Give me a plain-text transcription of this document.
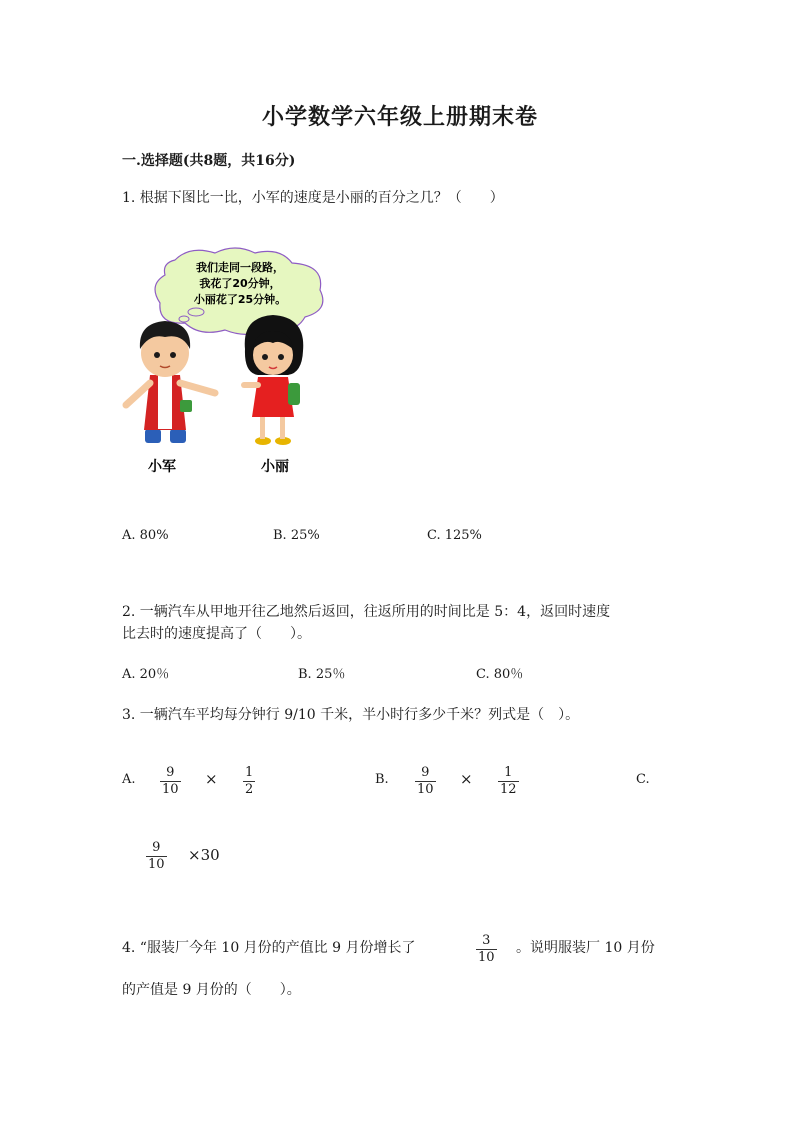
小学数学六年级上册期末卷
一.选择题(共8题，共16分)
1. 根据下图比一比，小军的速度是小丽的百分之几？（　　）
我们走同一段路，
我花了20分钟，
小丽花了25分钟。
小军	小丽
A. 80%	B. 25%	C. 125%
2. 一辆汽车从甲地开往乙地然后返回，往返所用的时间比是 5：4，返回时速度
比去时的速度提高了（　　）。
A. 20％	B. 25％	C. 80％
3. 一辆汽车平均每分钟行 9/10 千米，半小时行多少千米？列式是（　）。
A. 9
10
× 1
2
B. 9
10
× 1
12
C.
9
10
×30
4. “服装厂今年 10 月份的产值比 9 月份增长了	3
10
。说明服装厂 10 月份
的产值是 9 月份的（　　）。
